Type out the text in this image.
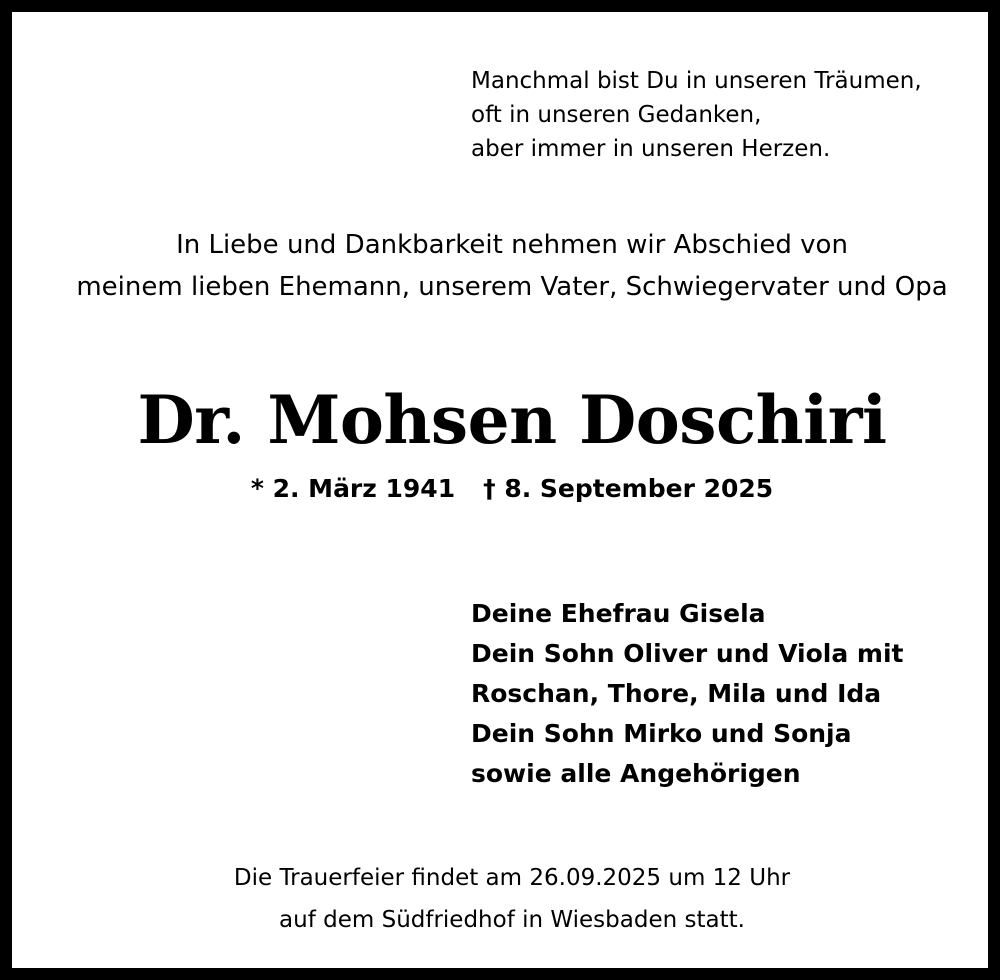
Manchmal bist Du in unseren Träumen,
oft in unseren Gedanken,
aber immer in unseren Herzen.
In Liebe und Dankbarkeit nehmen wir Abschied von
meinem lieben Ehemann, unserem Vater, Schwiegervater und Opa
Dr. Mohsen Doschiri
* 2. März 1941 † 8. September 2025
Deine Ehefrau Gisela
Dein Sohn Oliver und Viola mit
Roschan, Thore, Mila und Ida
Dein Sohn Mirko und Sonja
sowie alle Angehörigen
Die Trauerfeier findet am 26.09.2025 um 12 Uhr
auf dem Südfriedhof in Wiesbaden statt.
